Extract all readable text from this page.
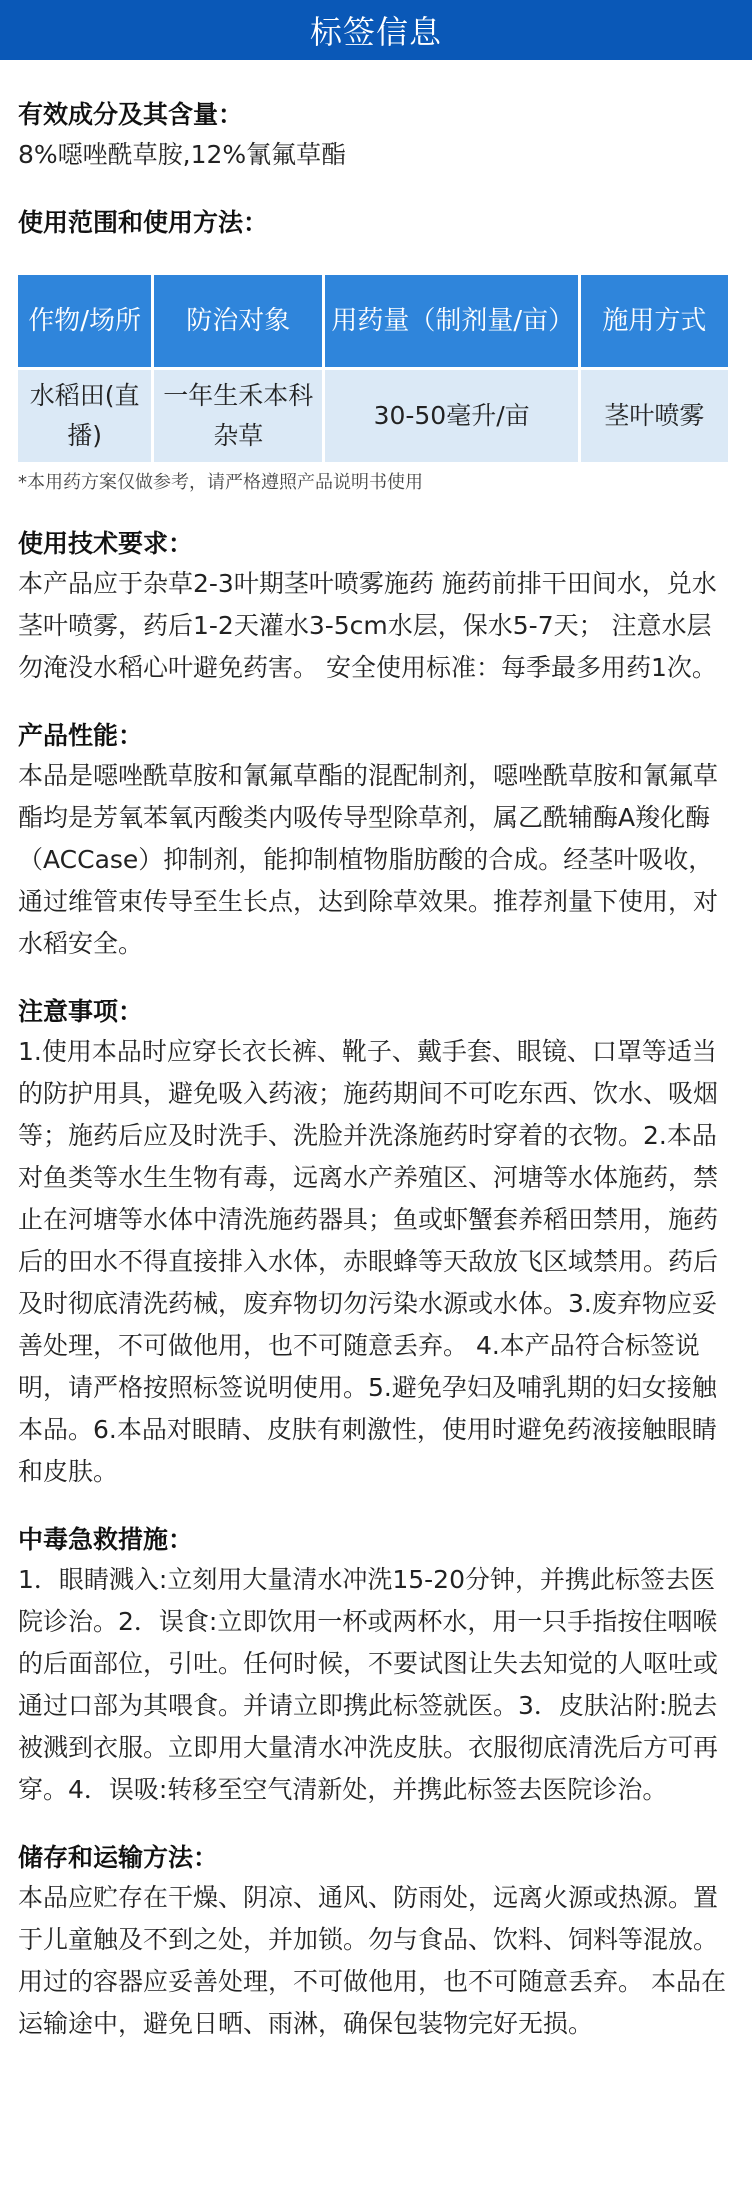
标签信息
有效成分及其含量：
8%噁唑酰草胺,12%氰氟草酯
使用范围和使用方法：
作物/场所	防治对象	用药量（制剂量/亩）	施用方式
水稻田(直播)	一年生禾本科杂草	30-50毫升/亩	茎叶喷雾
*本用药方案仅做参考，请严格遵照产品说明书使用
使用技术要求：
本产品应于杂草2-3叶期茎叶喷雾施药 施药前排干田间水，兑水茎叶喷雾，药后1-2天灌水3-5cm水层，保水5-7天； 注意水层勿淹没水稻心叶避免药害。 安全使用标准：每季最多用药1次。
产品性能：
本品是噁唑酰草胺和氰氟草酯的混配制剂，噁唑酰草胺和氰氟草酯均是芳氧苯氧丙酸类内吸传导型除草剂，属乙酰辅酶A羧化酶（ACCase）抑制剂，能抑制植物脂肪酸的合成。经茎叶吸收，通过维管束传导至生长点，达到除草效果。推荐剂量下使用，对水稻安全。
注意事项：
1.使用本品时应穿长衣长裤、靴子、戴手套、眼镜、口罩等适当的防护用具，避免吸入药液；施药期间不可吃东西、饮水、吸烟等；施药后应及时洗手、洗脸并洗涤施药时穿着的衣物。2.本品对鱼类等水生生物有毒，远离水产养殖区、河塘等水体施药，禁止在河塘等水体中清洗施药器具；鱼或虾蟹套养稻田禁用，施药后的田水不得直接排入水体，赤眼蜂等天敌放飞区域禁用。药后及时彻底清洗药械，废弃物切勿污染水源或水体。3.废弃物应妥善处理，不可做他用，也不可随意丢弃。 4.本产品符合标签说明，请严格按照标签说明使用。5.避免孕妇及哺乳期的妇女接触本品。6.本品对眼睛、皮肤有刺激性，使用时避免药液接触眼睛和皮肤。
中毒急救措施：
1．眼睛溅入:立刻用大量清水冲洗15-20分钟，并携此标签去医院诊治。2．误食:立即饮用一杯或两杯水，用一只手指按住咽喉的后面部位，引吐。任何时候，不要试图让失去知觉的人呕吐或通过口部为其喂食。并请立即携此标签就医。3．皮肤沾附:脱去被溅到衣服。立即用大量清水冲洗皮肤。衣服彻底清洗后方可再穿。4．误吸:转移至空气清新处，并携此标签去医院诊治。
储存和运输方法：
本品应贮存在干燥、阴凉、通风、防雨处，远离火源或热源。置于儿童触及不到之处，并加锁。勿与食品、饮料、饲料等混放。用过的容器应妥善处理，不可做他用，也不可随意丢弃。 本品在运输途中，避免日晒、雨淋，确保包装物完好无损。
